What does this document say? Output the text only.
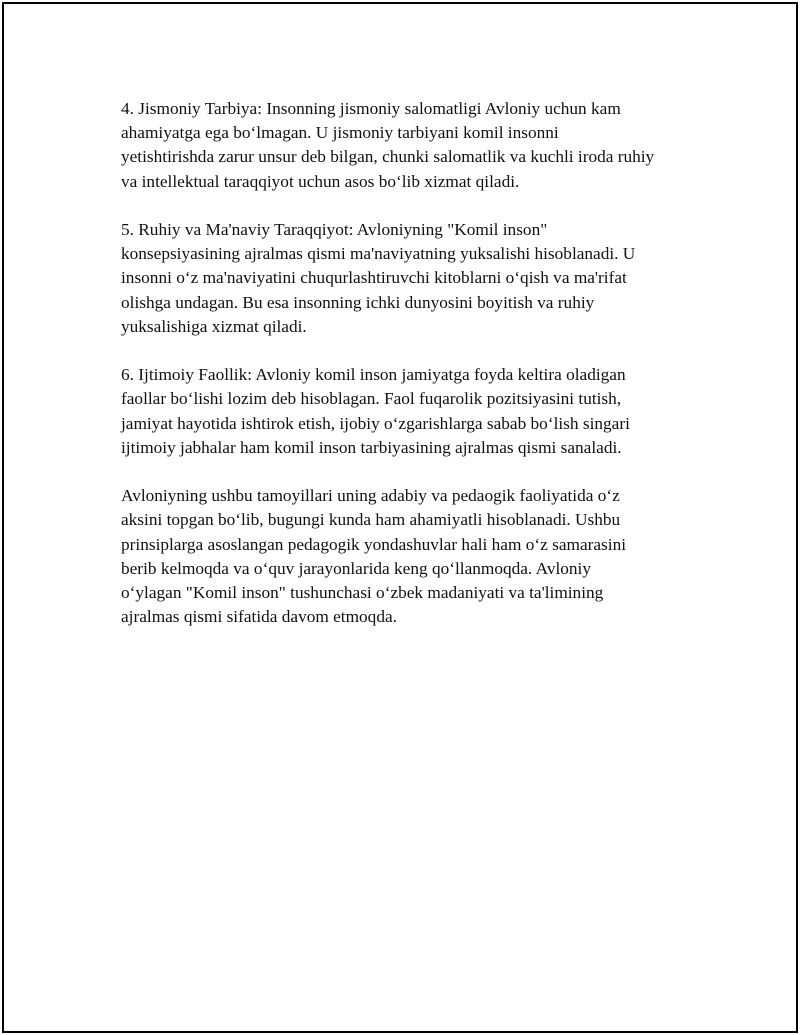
4. Jismoniy Tarbiya: Insonning jismoniy salomatligi Avloniy uchun kam
ahamiyatga ega bo‘lmagan. U jismoniy tarbiyani komil insonni
yetishtirishda zarur unsur deb bilgan, chunki salomatlik va kuchli iroda ruhiy
va intellektual taraqqiyot uchun asos bo‘lib xizmat qiladi.

5. Ruhiy va Ma'naviy Taraqqiyot: Avloniyning "Komil inson"
konsepsiyasining ajralmas qismi ma'naviyatning yuksalishi hisoblanadi. U
insonni o‘z ma'naviyatini chuqurlashtiruvchi kitoblarni o‘qish va ma'rifat
olishga undagan. Bu esa insonning ichki dunyosini boyitish va ruhiy
yuksalishiga xizmat qiladi.

6. Ijtimoiy Faollik: Avloniy komil inson jamiyatga foyda keltira oladigan
faollar bo‘lishi lozim deb hisoblagan. Faol fuqarolik pozitsiyasini tutish,
jamiyat hayotida ishtirok etish, ijobiy o‘zgarishlarga sabab bo‘lish singari
ijtimoiy jabhalar ham komil inson tarbiyasining ajralmas qismi sanaladi.

Avloniyning ushbu tamoyillari uning adabiy va pedaogik faoliyatida o‘z
aksini topgan bo‘lib, bugungi kunda ham ahamiyatli hisoblanadi. Ushbu
prinsiplarga asoslangan pedagogik yondashuvlar hali ham o‘z samarasini
berib kelmoqda va o‘quv jarayonlarida keng qo‘llanmoqda. Avloniy
o‘ylagan "Komil inson" tushunchasi o‘zbek madaniyati va ta'limining
ajralmas qismi sifatida davom etmoqda.
